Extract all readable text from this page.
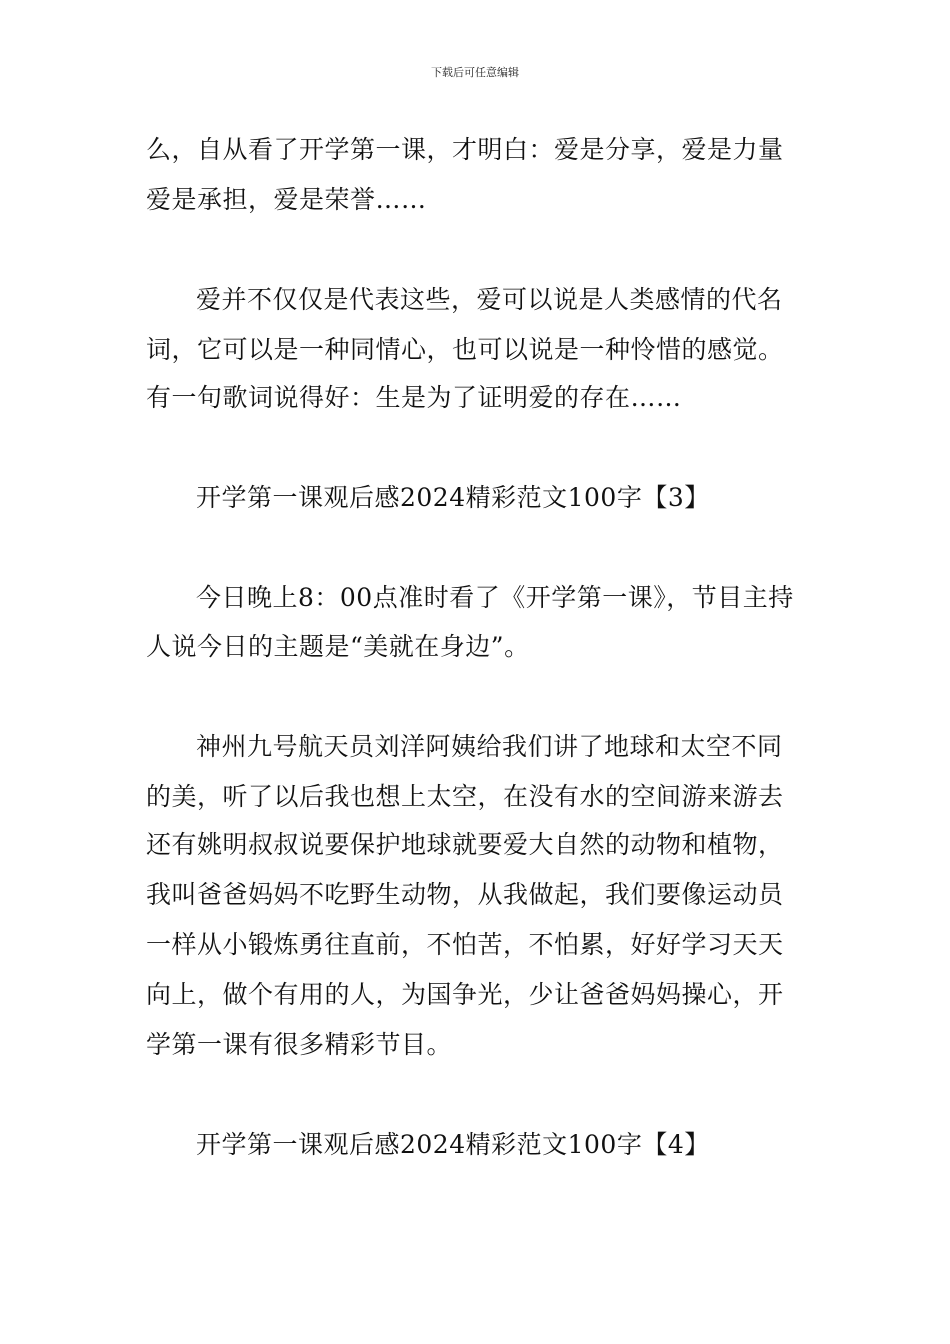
下载后可任意编辑
么，自从看了开学第一课，才明白：爱是分享，爱是力量
爱是承担，爱是荣誉……
爱并不仅仅是代表这些，爱可以说是人类感情的代名
词，它可以是一种同情心，也可以说是一种怜惜的感觉。
有一句歌词说得好：生是为了证明爱的存在……
开学第一课观后感2024精彩范文100字【3】
今日晚上8：00点准时看了《开学第一课》，节目主持
人说今日的主题是“美就在身边”。
神州九号航天员刘洋阿姨给我们讲了地球和太空不同
的美，听了以后我也想上太空，在没有水的空间游来游去
还有姚明叔叔说要保护地球就要爱大自然的动物和植物，
我叫爸爸妈妈不吃野生动物，从我做起，我们要像运动员
一样从小锻炼勇往直前，不怕苦，不怕累，好好学习天天
向上，做个有用的人，为国争光，少让爸爸妈妈操心，开
学第一课有很多精彩节目。
开学第一课观后感2024精彩范文100字【4】
